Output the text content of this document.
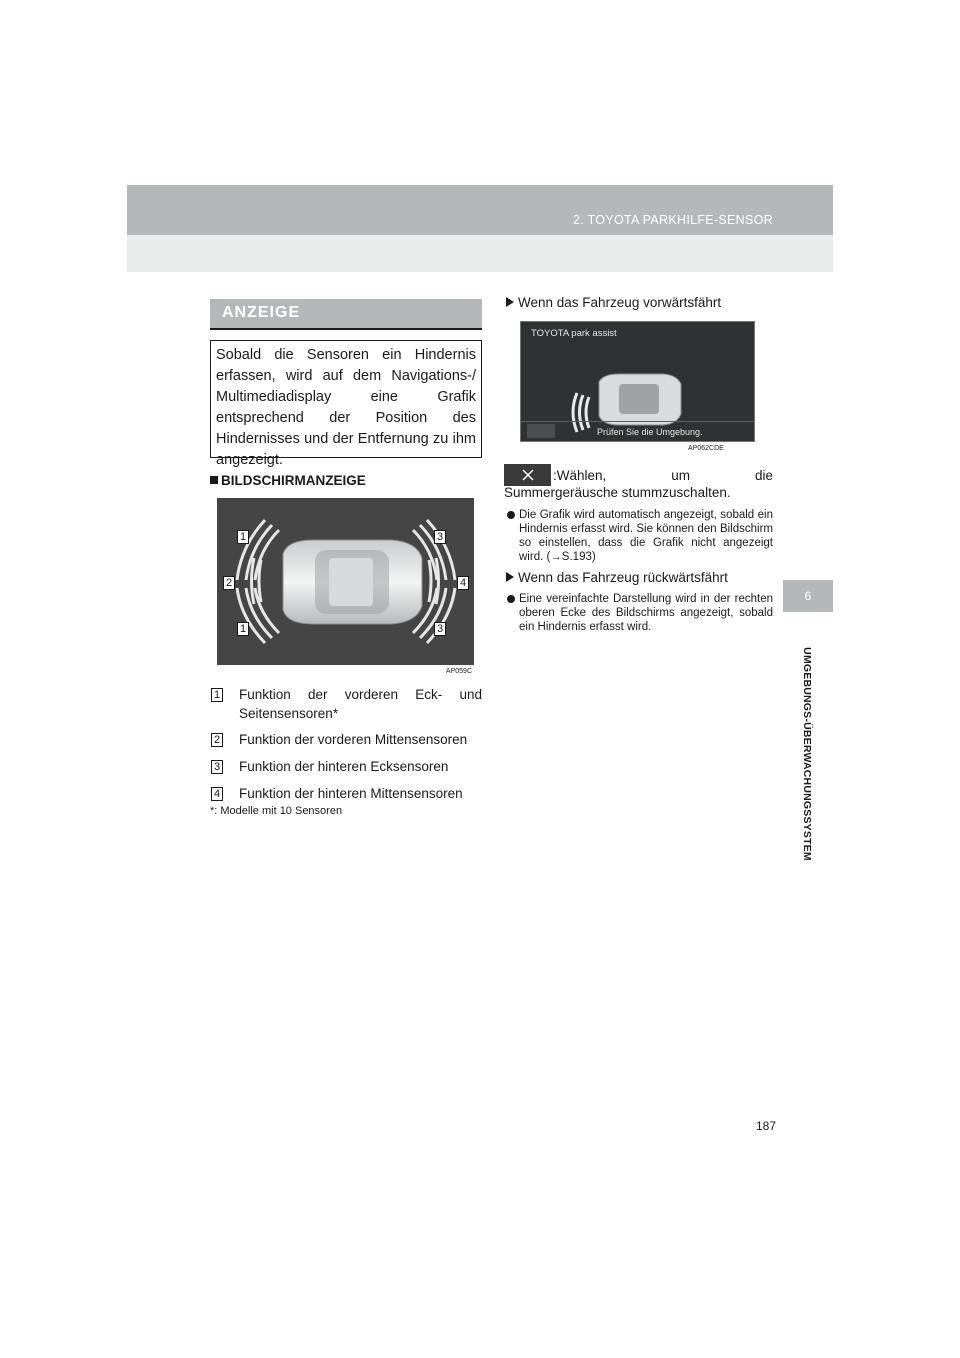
2. TOYOTA PARKHILFE-SENSOR
6
UMGEBUNGS-ÜBERWACHUNGSSYSTEM
ANZEIGE
Sobald die Sensoren ein Hindernis erfassen, wird auf dem Navigations-/ Multimediadisplay eine Grafik entsprechend der Position des Hindernisses und der Entfernung zu ihm angezeigt.
BILDSCHIRMANZEIGE
1	3
2	4
1	3
AP059C
1 Funktion der vorderen Eck- und Seitensensoren*
2 Funktion der vorderen Mittensensoren
3 Funktion der hinteren Ecksensoren
4 Funktion der hinteren Mittensensoren
*: Modelle mit 10 Sensoren
Wenn das Fahrzeug vorwärtsfährt
TOYOTA park assist
Prüfen Sie die Umgebung.
AP062CDE
:Wählen, um die
Summergeräusche stummzuschalten.
Die Grafik wird automatisch angezeigt, sobald ein Hindernis erfasst wird. Sie können den Bildschirm so einstellen, dass die Grafik nicht angezeigt wird. (→S.193)
Wenn das Fahrzeug rückwärtsfährt
Eine vereinfachte Darstellung wird in der rechten oberen Ecke des Bildschirms angezeigt, sobald ein Hindernis erfasst wird.
187
